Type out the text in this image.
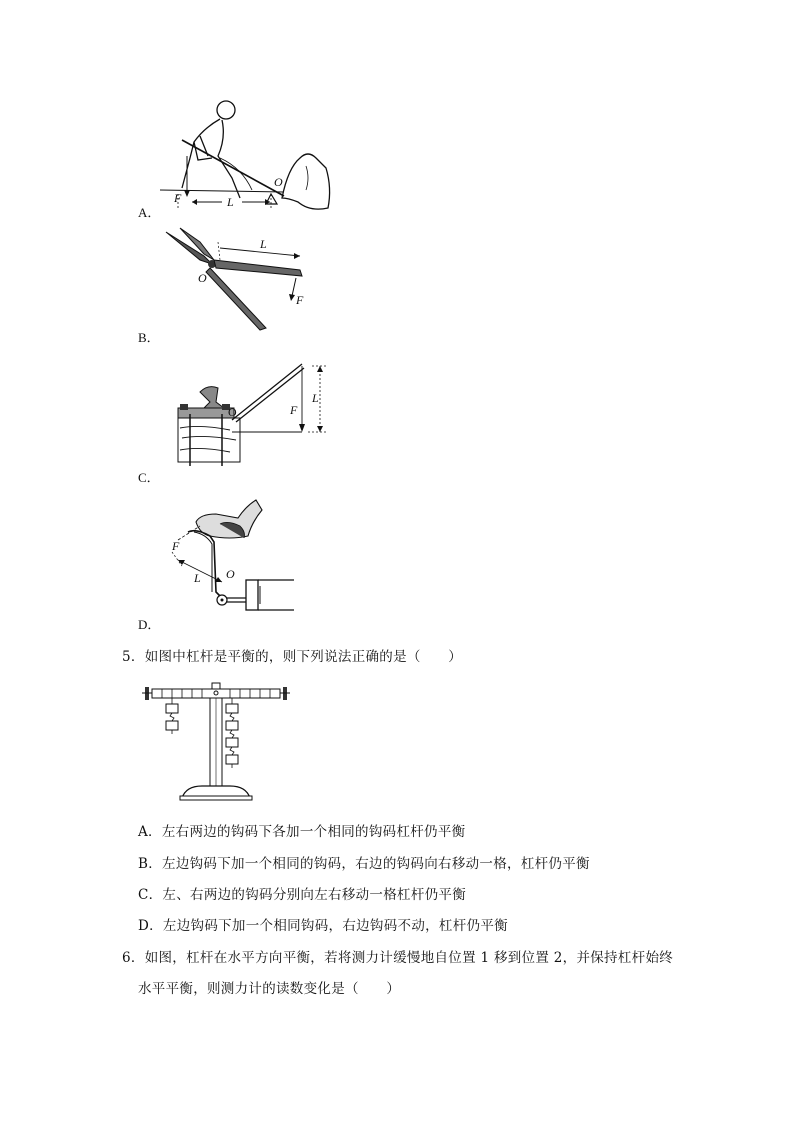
A．
F	L
O
B．
L
O
F
C．
O	F
L
D．
F
L O
5．如图中杠杆是平衡的，则下列说法正确的是（　　）
A．左右两边的钩码下各加一个相同的钩码杠杆仍平衡
B．左边钩码下加一个相同的钩码，右边的钩码向右移动一格，杠杆仍平衡
C．左、右两边的钩码分别向左右移动一格杠杆仍平衡
D．左边钩码下加一个相同钩码，右边钩码不动，杠杆仍平衡
6．如图，杠杆在水平方向平衡，若将测力计缓慢地自位置 1 移到位置 2，并保持杠杆始终
水平平衡，则测力计的读数变化是（　　）
